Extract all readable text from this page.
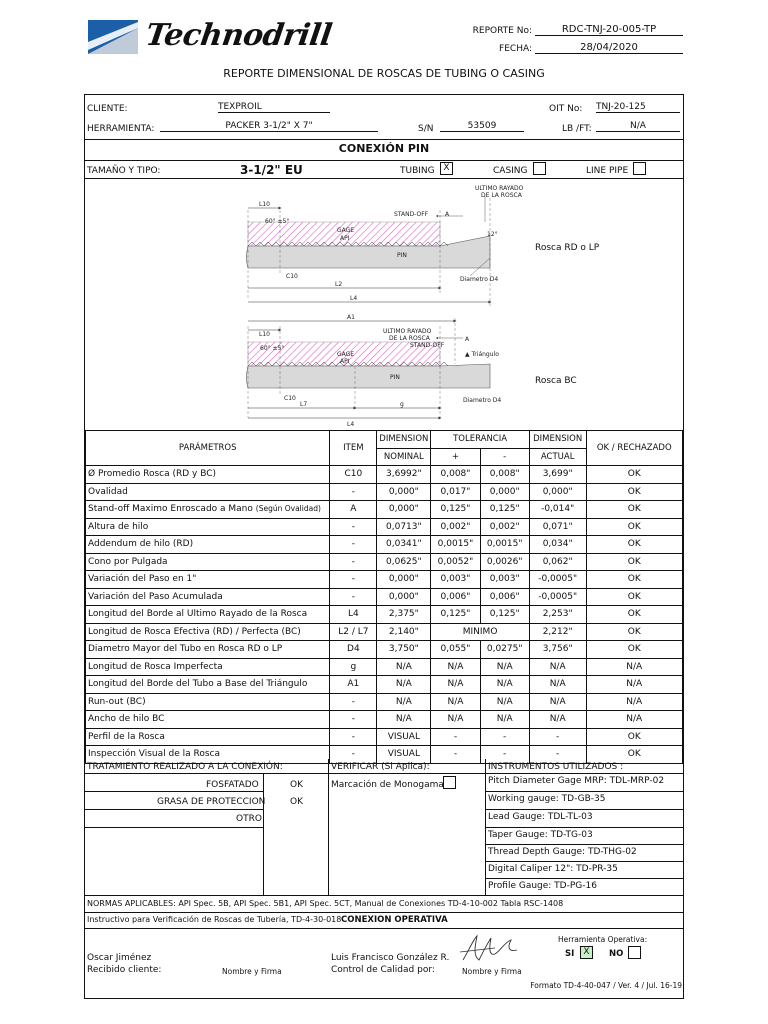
Technodrill	REPORTE No:	RDC-TNJ-20-005-TP
FECHA:	28/04/2020
REPORTE DIMENSIONAL DE ROSCAS DE TUBING O CASING
CLIENTE:	TEXPROIL	OIT No: TNJ-20-125
HERRAMIENTA:	PACKER 3-1/2" X 7"	S/N	53509	LB /FT:	N/A
CONEXIÓN PIN
TAMAÑO Y TIPO:	3-1/2" EU	TUBING X	CASING	LINE PIPE
L10
60° ±5°
GAGE
API
STAND-OFF	A
ULTIMO RAYADO
DE LA ROSCA
12°
PIN
C10	Diametro D4
L2
L4
Rosca RD o LP
A1
L10
60° ±5°
GAGE
API
ULTIMO RAYADO
DE LA ROSCA
STAND-OFF
A
▲ Triángulo
PIN
C10	Diametro D4
L7	g
L4
Rosca BC
PARÁMETROS	ITEM	DIMENSION	TOLERANCIA		DIMENSION	OK / RECHAZADO
		NOMINAL	+	-	ACTUAL	
Ø Promedio Rosca (RD y BC)	C10	3,6992"	0,008"	0,008"	3,699"	OK
Ovalidad	-	0,000"	0,017"	0,000"	0,000"	OK
Stand-off Maximo Enroscado a Mano (Según Ovalidad)	A	0,000"	0,125"	0,125"	-0,014"	OK
Altura de hilo	-	0,0713"	0,002"	0,002"	0,071"	OK
Addendum de hilo (RD)	-	0,0341"	0,0015"	0,0015"	0,034"	OK
Cono por Pulgada	-	0,0625"	0,0052"	0,0026"	0,062"	OK
Variación del Paso en 1"	-	0,000"	0,003"	0,003"	-0,0005"	OK
Variación del Paso Acumulada	-	0,000"	0,006"	0,006"	-0,0005"	OK
Longitud del Borde al Ultimo Rayado de la Rosca	L4	2,375"	0,125"	0,125"	2,253"	OK
Longitud de Rosca Efectiva (RD) / Perfecta (BC)	L2 / L7	2,140"	MINIMO		2,212"	OK
Diametro Mayor del Tubo en Rosca RD o LP	D4	3,750"	0,055"	0,0275"	3,756"	OK
Longitud de Rosca Imperfecta	g	N/A	N/A	N/A	N/A	N/A
Longitud del Borde del Tubo a Base del Triángulo	A1	N/A	N/A	N/A	N/A	N/A
Run-out (BC)	-	N/A	N/A	N/A	N/A	N/A
Ancho de hilo BC	-	N/A	N/A	N/A	N/A	N/A
Perfil de la Rosca	-	VISUAL	-	-	-	OK
Inspección Visual de la Rosca	-	VISUAL	-	-	-	OK
TRATAMIENTO REALIZADO A LA CONEXIÓN:
FOSFATADO	OK
GRASA DE PROTECCION	OK
OTRO
VERIFICAR (Si Aplica):
Marcación de Monogama
INSTRUMENTOS UTILIZADOS :
Pitch Diameter Gage MRP: TDL-MRP-02
Working gauge: TD-GB-35
Lead Gauge: TDL-TL-03
Taper Gauge: TD-TG-03
Thread Depth Gauge: TD-THG-02
Digital Caliper 12": TD-PR-35
Profile Gauge: TD-PG-16
NORMAS APLICABLES: API Spec. 5B, API Spec. 5B1, API Spec. 5CT, Manual de Conexiones TD-4-10-002 Tabla RSC-1408
Instructivo para Verificación de Roscas de Tubería, TD-4-30-018 CONEXION OPERATIVA
Oscar Jiménez
Recibido cliente:	Nombre y Firma
Luis Francisco González R.
Control de Calidad por:	Nombre y Firma
Herramienta Operativa:
SI	X	NO
Formato TD-4-40-047 / Ver. 4 / Jul. 16-19
